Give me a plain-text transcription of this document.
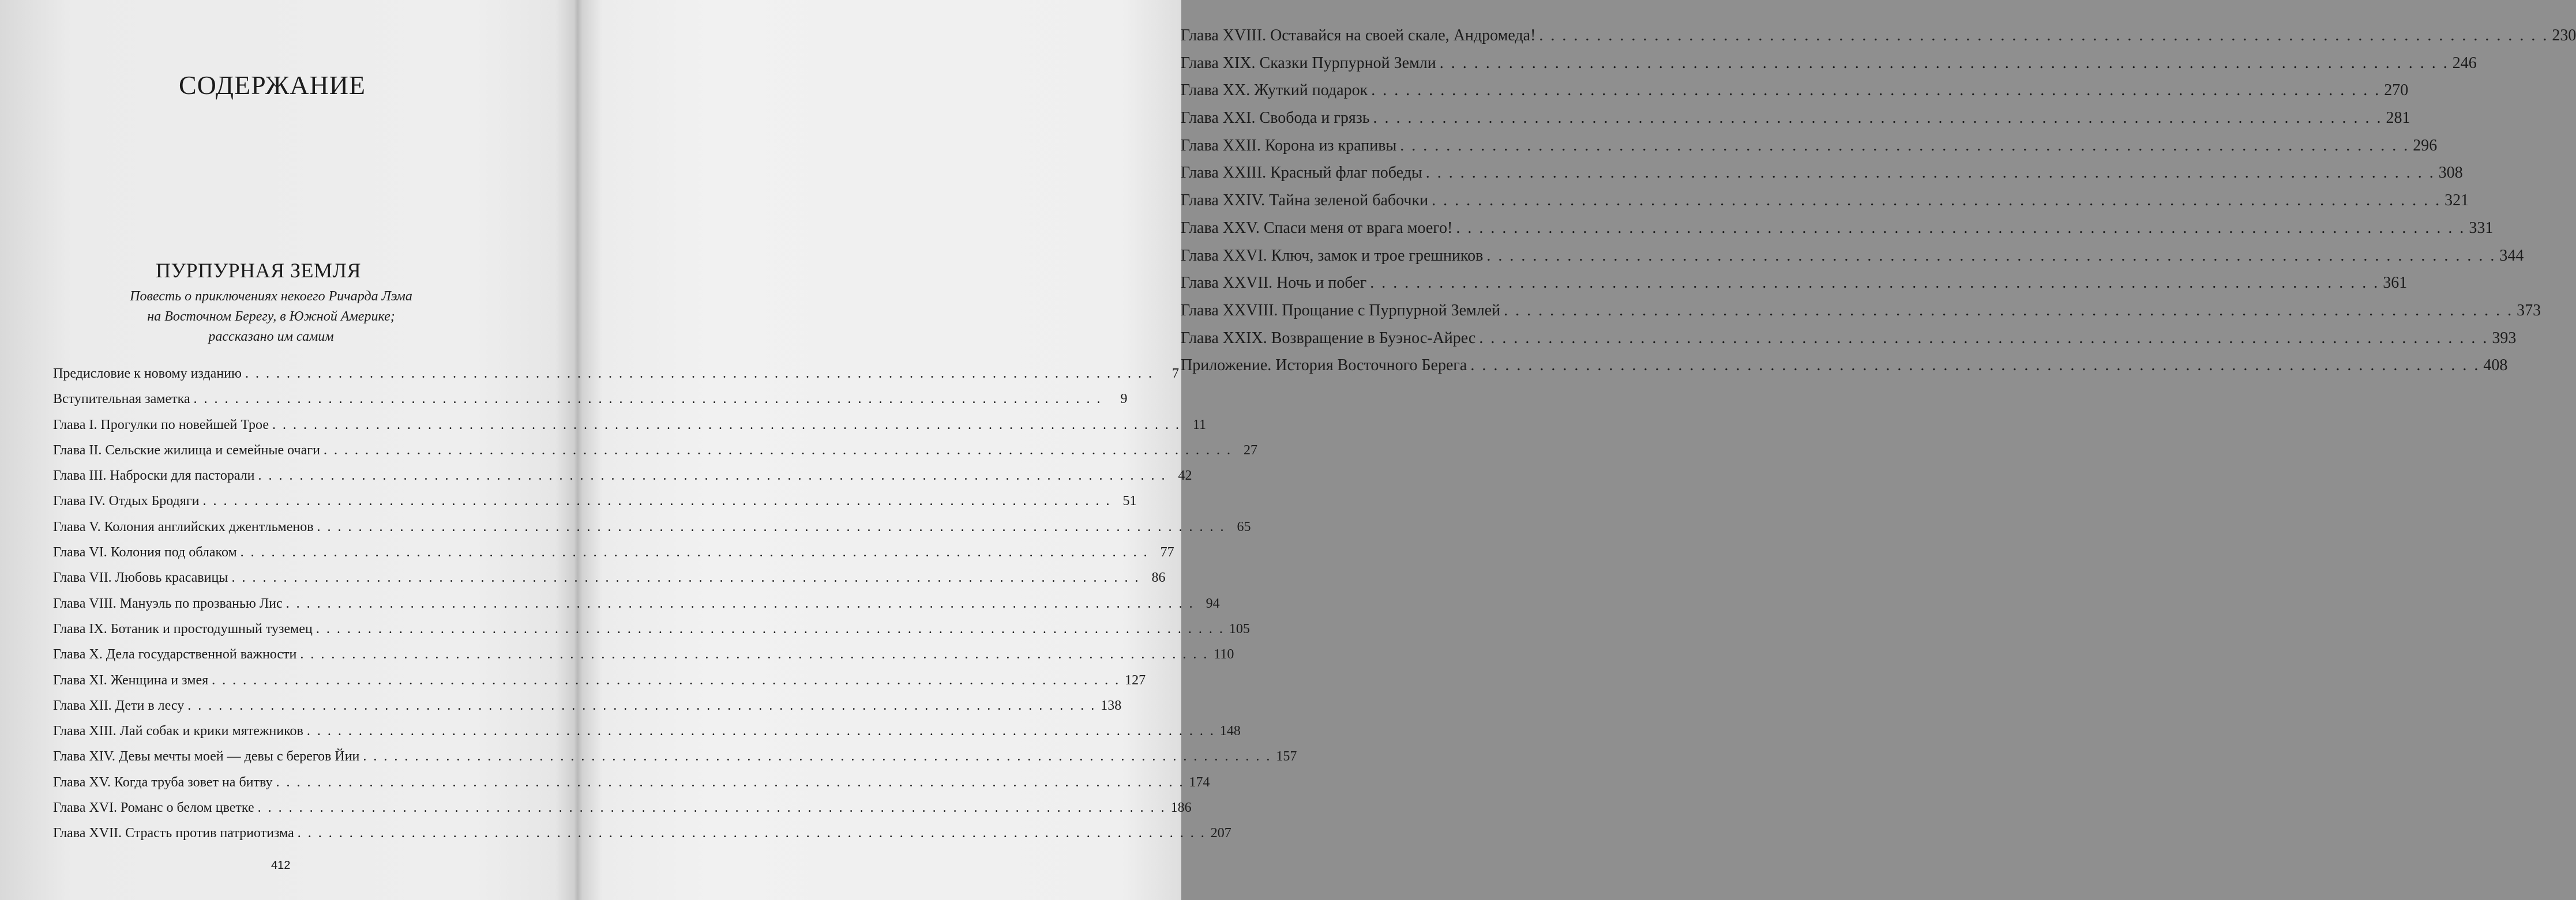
СОДЕРЖАНИЕ
ПУРПУРНАЯ ЗЕМЛЯ
Повесть о приключениях некоего Ричарда Лэма
на Восточном Берегу, в Южной Америке;
рассказано им самим
Предисловие к новому изданию . . .	7
Вступительная заметка . . .	9
Глава I. Прогулки по новейшей Трое . . .	11
Глава II. Сельские жилища и семейные очаги . . .	27
Глава III. Наброски для пасторали . . .	42
Глава IV. Отдых Бродяги . . .	51
Глава V. Колония английских джентльменов . . .	65
Глава VI. Колония под облаком . . .	77
Глава VII. Любовь красавицы . . .	86
Глава VIII. Мануэль по прозванью Лис . . .	94
Глава IX. Ботаник и простодушный туземец . . .	105
Глава X. Дела государственной важности . . .	110
Глава XI. Женщина и змея . . .	127
Глава XII. Дети в лесу . . .	138
Глава XIII. Лай собак и крики мятежников . . .	148
Глава XIV. Девы мечты моей — девы с берегов Йии . . .	157
Глава XV. Когда труба зовет на битву . . .	174
Глава XVI. Романс о белом цветке . . .	186
Глава XVII. Страсть против патриотизма . . .	207
412
Глава XVIII. Оставайся на своей скале, Андромеда! . . .	230
Глава XIX. Сказки Пурпурной Земли . . .	246
Глава XX. Жуткий подарок . . .	270
Глава XXI. Свобода и грязь . . .	281
Глава XXII. Корона из крапивы . . .	296
Глава XXIII. Красный флаг победы . . .	308
Глава XXIV. Тайна зеленой бабочки . . .	321
Глава XXV. Спаси меня от врага моего! . . .	331
Глава XXVI. Ключ, замок и трое грешников . . .	344
Глава XXVII. Ночь и побег . . .	361
Глава XXVIII. Прощание с Пурпурной Землей . . .	373
Глава XXIX. Возвращение в Буэнос-Айрес . . .	393
Приложение. История Восточного Берега . . .	408
